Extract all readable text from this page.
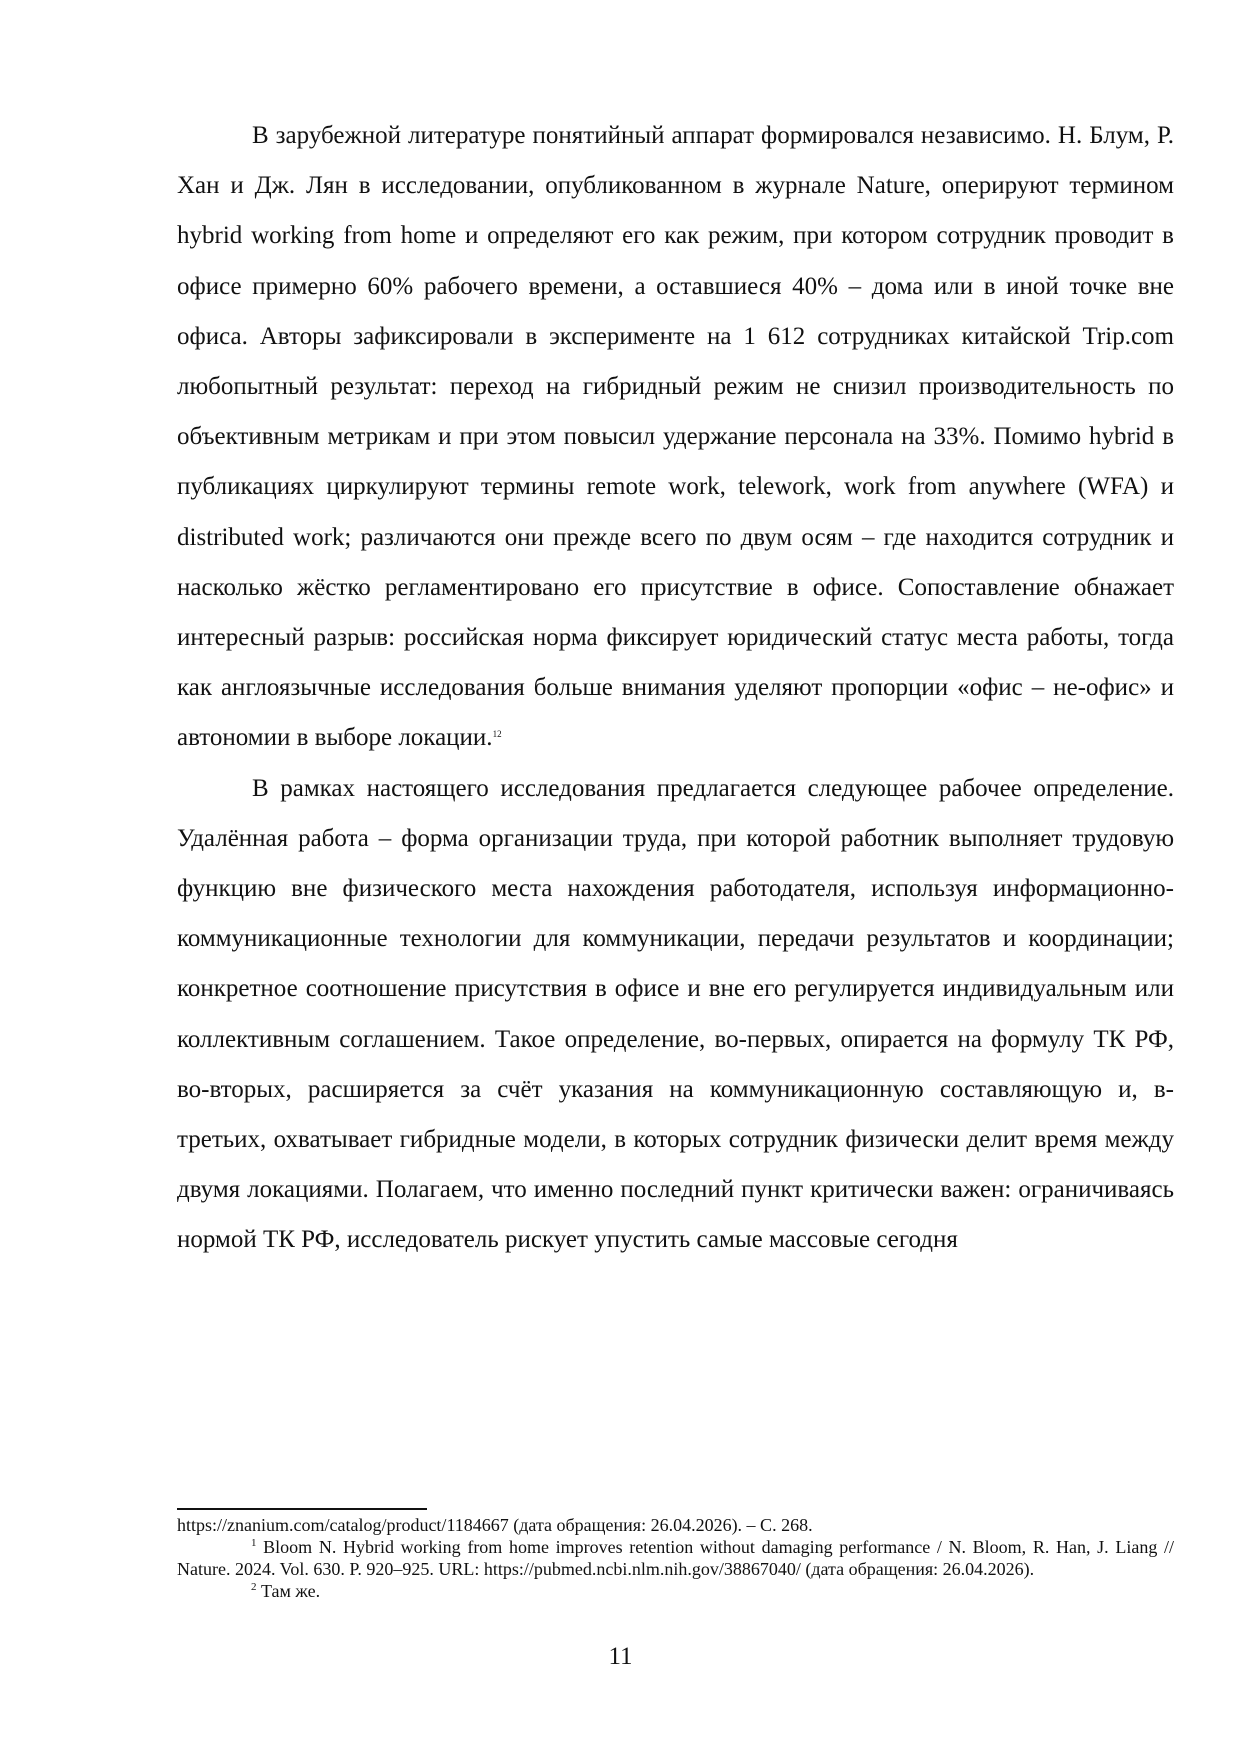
В зарубежной литературе понятийный аппарат формировался независимо. Н. Блум, Р. Хан и Дж. Лян в исследовании, опубликованном в журнале Nature, оперируют термином hybrid working from home и определяют его как режим, при котором сотрудник проводит в офисе примерно 60% рабочего времени, а оставшиеся 40% – дома или в иной точке вне офиса. Авторы зафиксировали в эксперименте на 1 612 сотрудниках китайской Trip.com любопытный результат: переход на гибридный режим не снизил производительность по объективным метрикам и при этом повысил удержание персонала на 33%. Помимо hybrid в публикациях циркулируют термины remote work, telework, work from anywhere (WFA) и distributed work; различаются они прежде всего по двум осям – где находится сотрудник и насколько жёстко регламентировано его присутствие в офисе. Сопоставление обнажает интересный разрыв: российская норма фиксирует юридический статус места работы, тогда как англоязычные исследования больше внимания уделяют пропорции «офис – не-офис» и автономии в выборе локации.$^{12}$

В рамках настоящего исследования предлагается следующее рабочее определение. Удалённая работа – форма организации труда, при которой работник выполняет трудовую функцию вне физического места нахождения работодателя, используя информационно-коммуникационные технологии для коммуникации, передачи результатов и координации; конкретное соотношение присутствия в офисе и вне его регулируется индивидуальным или коллективным соглашением. Такое определение, во-первых, опирается на формулу ТК РФ, во-вторых, расширяется за счёт указания на коммуникационную составляющую и, в-третьих, охватывает гибридные модели, в которых сотрудник физически делит время между двумя локациями. Полагаем, что именно последний пункт критически важен: ограничиваясь нормой ТК РФ, исследователь рискует упустить самые массовые сегодня

https://znanium.com/catalog/product/1184667 (дата обращения: 26.04.2026). – С. 268.

$^1$ Bloom N. Hybrid working from home improves retention without damaging performance / N. Bloom, R. Han, J. Liang // Nature. 2024. Vol. 630. P. 920–925. URL: https://pubmed.ncbi.nlm.nih.gov/38867040/ (дата обращения: 26.04.2026).

$^2$ Там же.

11
